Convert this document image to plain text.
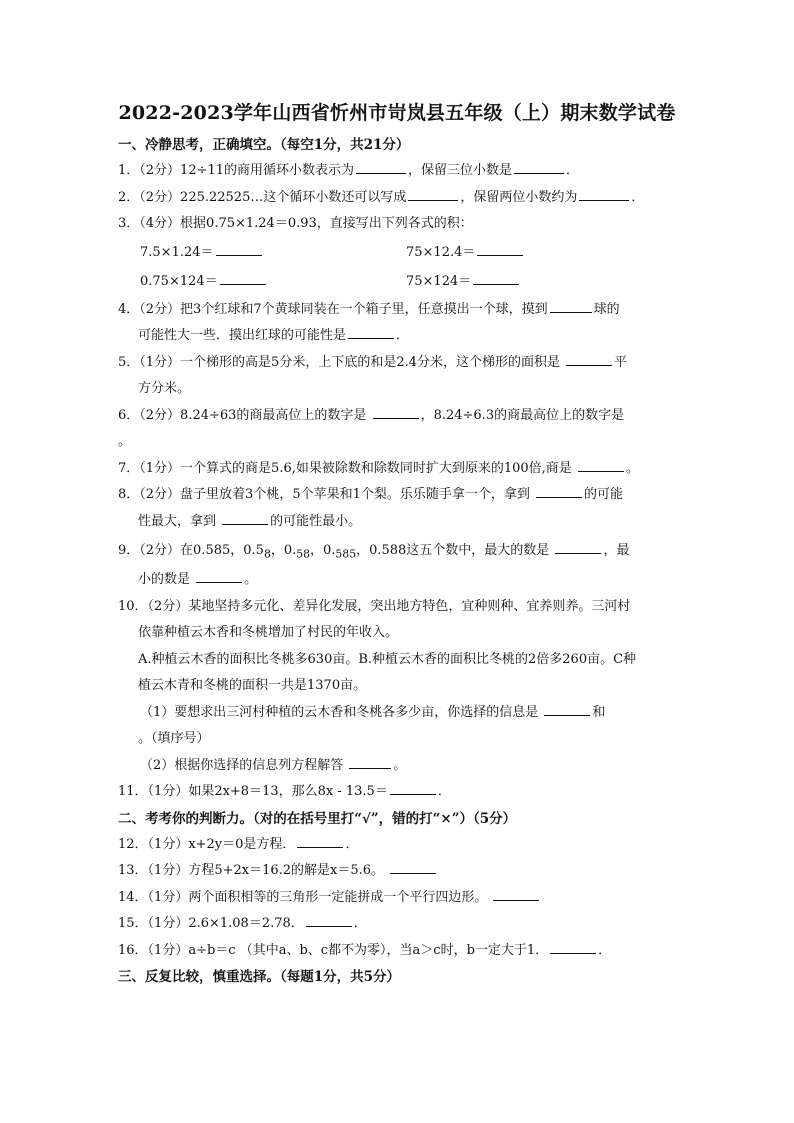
2022-2023学年山西省忻州市岢岚县五年级（上）期末数学试卷
一、冷静思考，正确填空。（每空1分，共21分）
1．（2分）12÷11的商用循环小数表示为	，保留三位小数是	．
2．（2分）225.22525…这个循环小数还可以写成	，保留两位小数约为	．
3．（4分）根据0.75×1.24＝0.93，直接写出下列各式的积：
7.5×1.24＝	75×12.4＝
0.75×124＝	75×124＝
4．（2分）把3个红球和7个黄球同装在一个箱子里，任意摸出一个球，摸到	球的
可能性大一些．摸出红球的可能性是	．
5．（1分）一个梯形的高是5分米，上下底的和是2.4分米，这个梯形的面积是	平
方分米。
6．（2分）8.24÷63的商最高位上的数字是	，8.24÷6.3的商最高位上的数字是
。
7．（1分）一个算式的商是5.6,如果被除数和除数同时扩大到原来的100倍,商是	。
8．（2分）盘子里放着3个桃，5个苹果和1个梨。乐乐随手拿一个，拿到	的可能
性最大，拿到	的可能性最小。
9．（2分）在0.585，$0.5_8$，$0._{58}$，$0._{585}$，0.588这五个数中，最大的数是	，最
小的数是	。
10．（2分）某地坚持多元化、差异化发展，突出地方特色，宜种则种、宜养则养。三河村
依靠种植云木香和冬桃增加了村民的年收入。
A.种植云木香的面积比冬桃多630亩。B.种植云木香的面积比冬桃的2倍多260亩。C种
植云木青和冬桃的面积一共是1370亩。
（1）要想求出三河村种植的云木香和冬桃各多少亩，你选择的信息是	和
。（填序号）
（2）根据你选择的信息列方程解答	。
11．（1分）如果2x+8＝13，那么8x - 13.5＝	．
二、考考你的判断力。（对的在括号里打“√”，错的打“×”）（5分）
12．（1分）x+2y＝0是方程．	．
13．（1分）方程5+2x＝16.2的解是x＝5.6。
14．（1分）两个面积相等的三角形一定能拼成一个平行四边形。
15．（1分）2.6×1.08＝2.78．	．
16．（1分）a÷b＝c （其中a、b、c都不为零），当a＞c时，b一定大于1．	．
三、反复比较，慎重选择。（每题1分，共5分）
